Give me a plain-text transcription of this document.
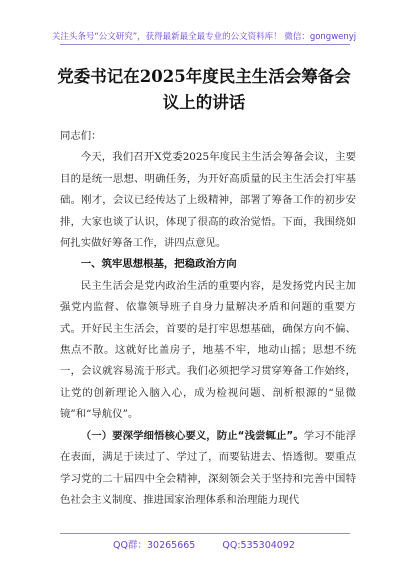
关注头条号“公文研究”，获得最新最全最专业的公文资料库！ 微信：gongwenyj
党委书记在2025年度民主生活会筹备会
议上的讲话

同志们：

今天，我们召开X党委2025年度民主生活会筹备会议，主要目的是统一思想、明确任务，为开好高质量的民主生活会打牢基础。刚才，会议已经传达了上级精神，部署了筹备工作的初步安排，大家也谈了认识，体现了很高的政治觉悟。下面，我围绕如何扎实做好筹备工作，讲四点意见。

一、筑牢思想根基，把稳政治方向

民主生活会是党内政治生活的重要内容，是发扬党内民主加强党内监督、依靠领导班子自身力量解决矛盾和问题的重要方式。开好民主生活会，首要的是打牢思想基础，确保方向不偏、焦点不散。这就好比盖房子，地基不牢，地动山摇；思想不统一，会议就容易流于形式。我们必须把学习贯穿筹备工作始终，让党的创新理论入脑入心，成为检视问题、剖析根源的“显微镜”和“导航仪”。

（一）要深学细悟核心要义，防止“浅尝辄止”。学习不能浮在表面，满足于读过了、学过了，而要钻进去、悟透彻。要重点学习党的二十届四中全会精神，深刻领会关于坚持和完善中国特色社会主义制度、推进国家治理体系和治理能力现代

QQ群：30265665	QQ:535304092
